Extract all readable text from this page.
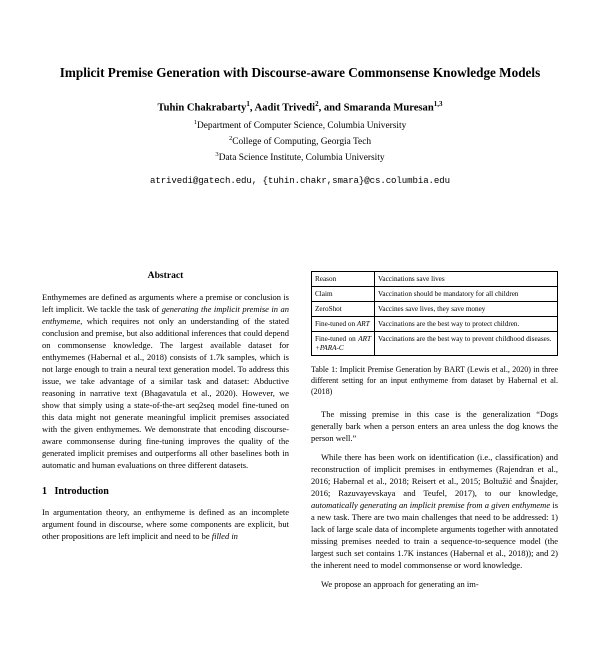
Implicit Premise Generation with Discourse-aware Commonsense Knowledge Models
Tuhin Chakrabarty$^1$, Aadit Trivedi$^2$, and Smaranda Muresan$^{1,3}$
$^1$Department of Computer Science, Columbia University
$^2$College of Computing, Georgia Tech
$^3$Data Science Institute, Columbia University
atrivedi@gatech.edu, {tuhin.chakr,smara}@cs.columbia.edu
Abstract

Enthymemes are defined as arguments where a premise or conclusion is left implicit. We tackle the task of generating the implicit premise in an enthymeme, which requires not only an understanding of the stated conclusion and premise, but also additional inferences that could depend on commonsense knowledge. The largest available dataset for enthymemes (Habernal et al., 2018) consists of 1.7k samples, which is not large enough to train a neural text generation model. To address this issue, we take advantage of a similar task and dataset: Abductive reasoning in narrative text (Bhagavatula et al., 2020). However, we show that simply using a state-of-the-art seq2seq model fine-tuned on this data might not generate meaningful implicit premises associated with the given enthymemes. We demonstrate that encoding discourse-aware commonsense during fine-tuning improves the quality of the generated implicit premises and outperforms all other baselines both in automatic and human evaluations on three different datasets.

1 Introduction

In argumentation theory, an enthymeme is defined as an incomplete argument found in discourse, where some components are explicit, but other propositions are left implicit and need to be filled in

Reason	Vaccinations save lives
Claim	Vaccination should be mandatory for all children
ZeroShot	Vaccines save lives, they save money
Fine-tuned on ART	Vaccinations are the best way to protect children.
Fine-tuned on ART +PARA-C	Vaccinations are the best way to prevent childhood diseases.
Table 1: Implicit Premise Generation by BART (Lewis et al., 2020) in three different setting for an input enthymeme from dataset by Habernal et al. (2018)

The missing premise in this case is the generalization “Dogs generally bark when a person enters an area unless the dog knows the person well.”

While there has been work on identification (i.e., classification) and reconstruction of implicit premises in enthymemes (Rajendran et al., 2016; Habernal et al., 2018; Reisert et al., 2015; Boltužić and Šnajder, 2016; Razuvayevskaya and Teufel, 2017), to our knowledge, automatically generating an implicit premise from a given enthymeme is a new task. There are two main challenges that need to be addressed: 1) lack of large scale data of incomplete arguments together with annotated missing premises needed to train a sequence-to-sequence model (the largest such set contains 1.7K instances (Habernal et al., 2018)); and 2) the inherent need to model commonsense or word knowledge.

We propose an approach for generating an im-
